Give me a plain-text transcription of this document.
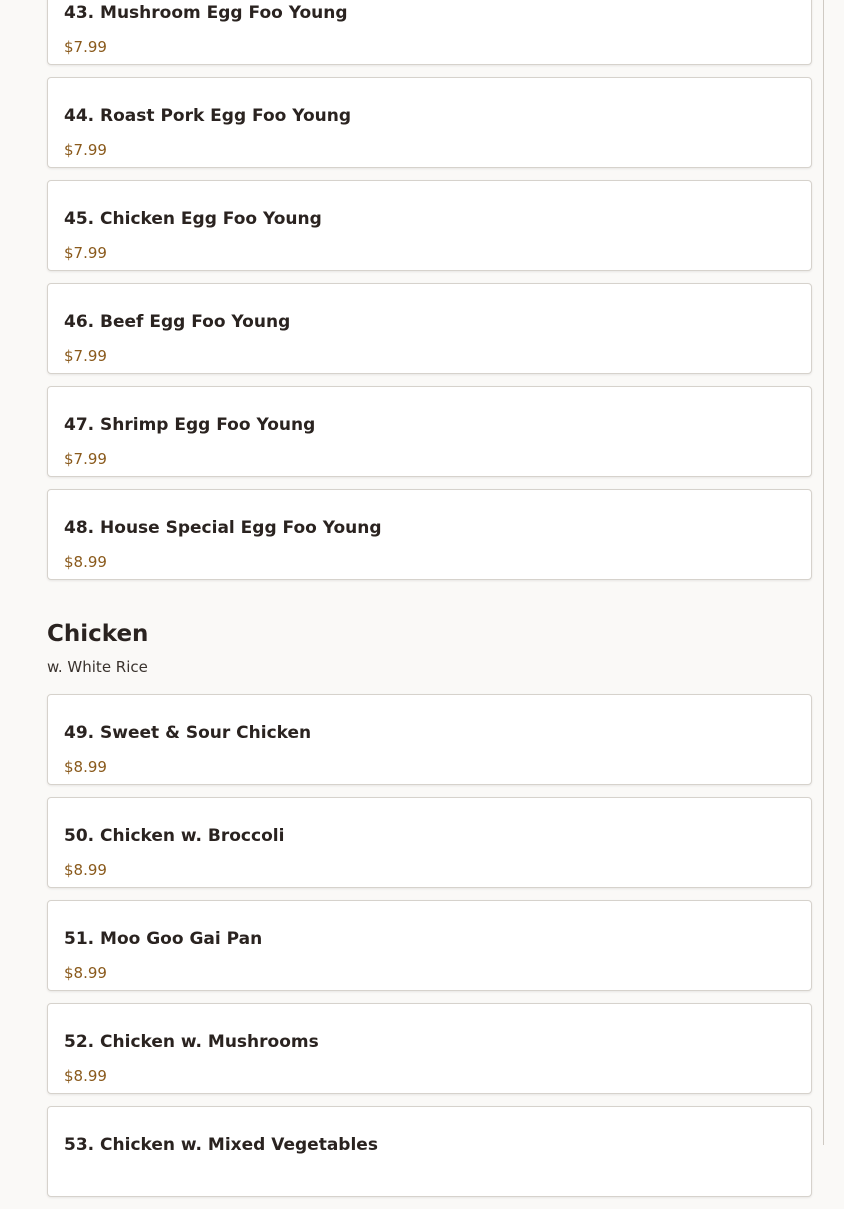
43. Mushroom Egg Foo Young
$7.99
44. Roast Pork Egg Foo Young
$7.99
45. Chicken Egg Foo Young
$7.99
46. Beef Egg Foo Young
$7.99
47. Shrimp Egg Foo Young
$7.99
48. House Special Egg Foo Young
$8.99
Chicken
w. White Rice
49. Sweet & Sour Chicken
$8.99
50. Chicken w. Broccoli
$8.99
51. Moo Goo Gai Pan
$8.99
52. Chicken w. Mushrooms
$8.99
53. Chicken w. Mixed Vegetables
